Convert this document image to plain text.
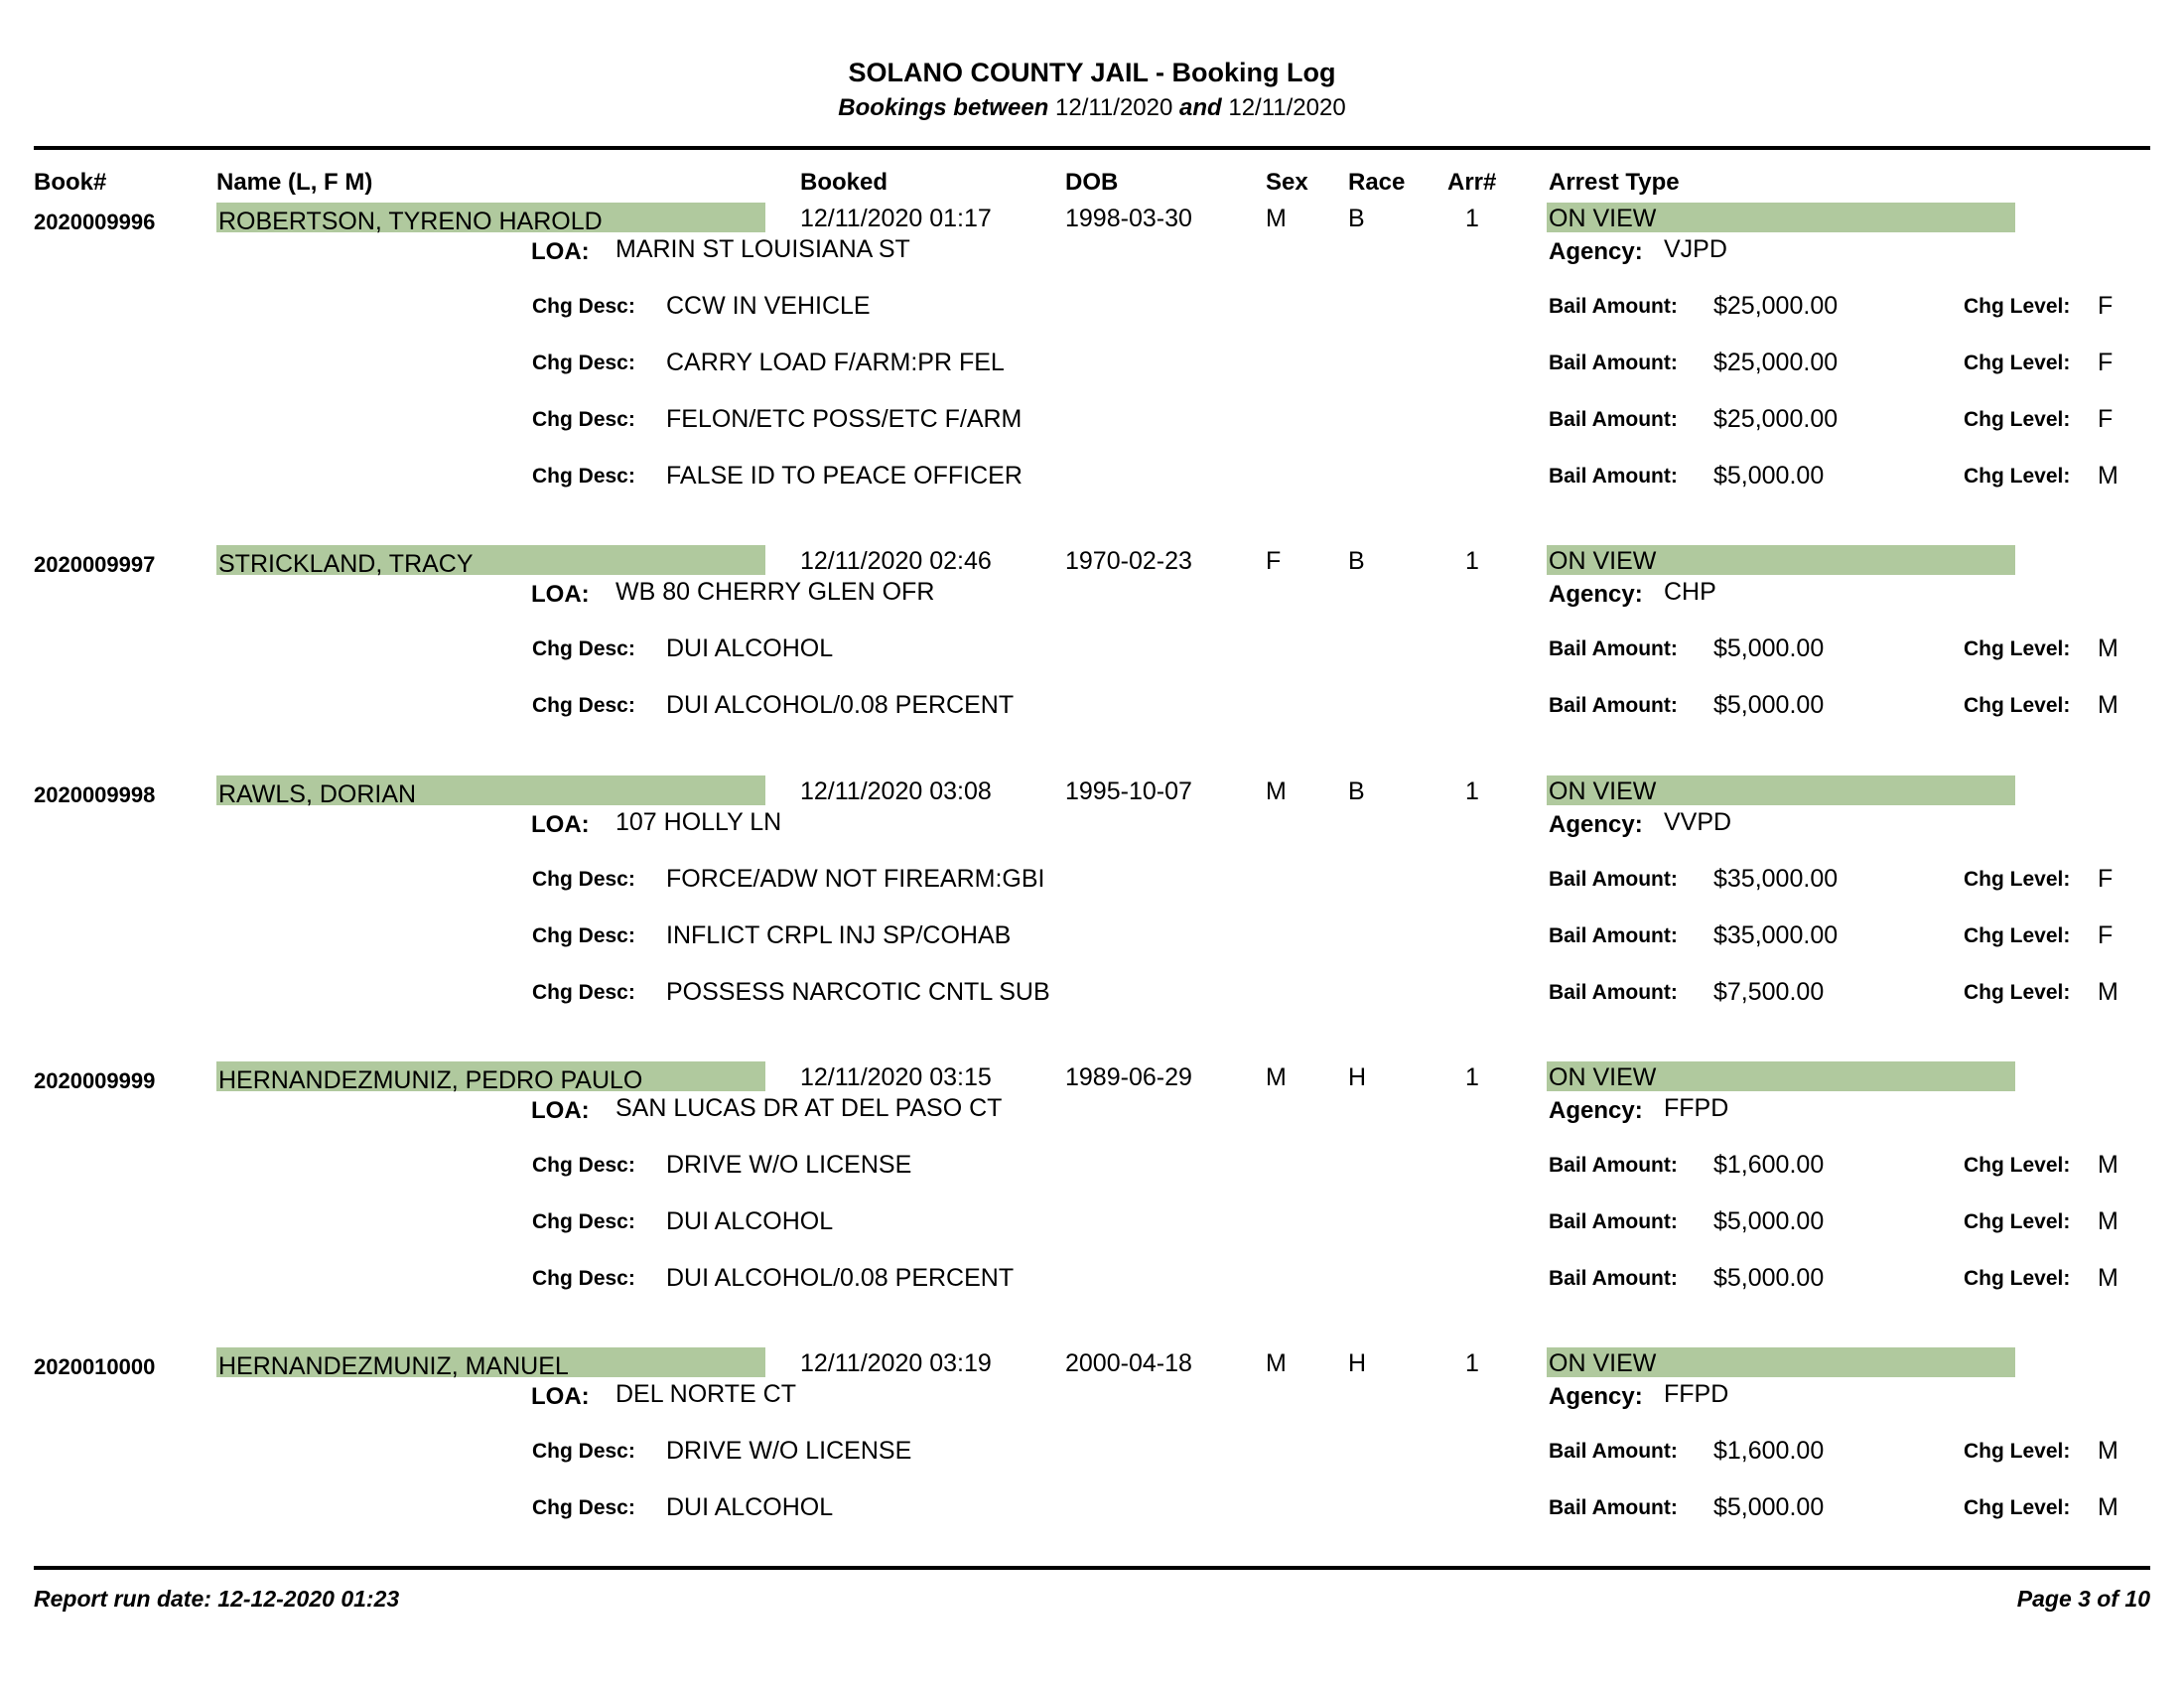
SOLANO COUNTY JAIL - Booking Log
Bookings between 12/11/2020 and 12/11/2020
Book#	Name (L, F M)	Booked	DOB	Sex Race Arr# Arrest Type
2020009996	ROBERTSON, TYRENO HAROLD	12/11/2020 01:17	1998-03-30	M B	1	ON VIEW
LOA: MARIN ST LOUISIANA ST	Agency: VJPD
Chg Desc: CCW IN VEHICLE	Bail Amount: $25,000.00	Chg Level: F
Chg Desc: CARRY LOAD F/ARM:PR FEL	Bail Amount: $25,000.00	Chg Level: F
Chg Desc: FELON/ETC POSS/ETC F/ARM	Bail Amount: $25,000.00	Chg Level: F
Chg Desc: FALSE ID TO PEACE OFFICER	Bail Amount: $5,000.00	Chg Level: M
2020009997	STRICKLAND, TRACY	12/11/2020 02:46	1970-02-23	F	B	1	ON VIEW
LOA: WB 80 CHERRY GLEN OFR	Agency: CHP
Chg Desc: DUI ALCOHOL	Bail Amount: $5,000.00	Chg Level: M
Chg Desc: DUI ALCOHOL/0.08 PERCENT	Bail Amount: $5,000.00	Chg Level: M
2020009998	RAWLS, DORIAN	12/11/2020 03:08	1995-10-07	M B	1	ON VIEW
LOA: 107 HOLLY LN	Agency: VVPD
Chg Desc: FORCE/ADW NOT FIREARM:GBI	Bail Amount: $35,000.00	Chg Level: F
Chg Desc: INFLICT CRPL INJ SP/COHAB	Bail Amount: $35,000.00	Chg Level: F
Chg Desc: POSSESS NARCOTIC CNTL SUB	Bail Amount: $7,500.00	Chg Level: M
2020009999	HERNANDEZMUNIZ, PEDRO PAULO	12/11/2020 03:15	1989-06-29	M H	1	ON VIEW
LOA: SAN LUCAS DR AT DEL PASO CT	Agency: FFPD
Chg Desc: DRIVE W/O LICENSE	Bail Amount: $1,600.00	Chg Level: M
Chg Desc: DUI ALCOHOL	Bail Amount: $5,000.00	Chg Level: M
Chg Desc: DUI ALCOHOL/0.08 PERCENT	Bail Amount: $5,000.00	Chg Level: M
2020010000	HERNANDEZMUNIZ, MANUEL	12/11/2020 03:19	2000-04-18	M H	1	ON VIEW
LOA: DEL NORTE CT	Agency: FFPD
Chg Desc: DRIVE W/O LICENSE	Bail Amount: $1,600.00	Chg Level: M
Chg Desc: DUI ALCOHOL	Bail Amount: $5,000.00	Chg Level: M
Report run date: 12-12-2020 01:23	Page 3 of 10
